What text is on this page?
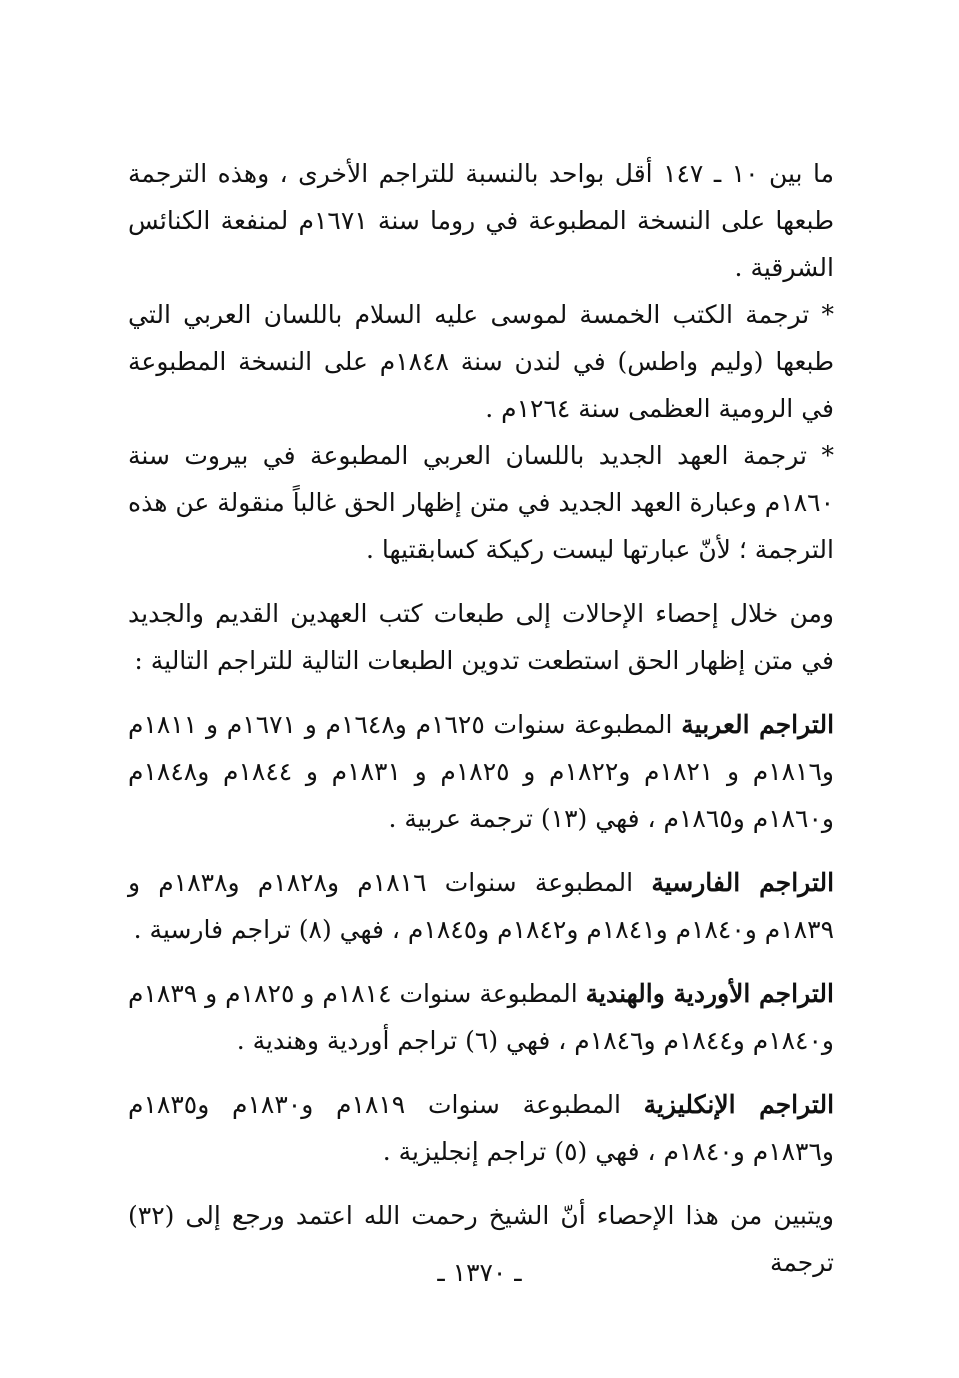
ما بين ١٠ ـ ١٤٧ أقل بواحد بالنسبة للتراجم الأخرى ، وهذه الترجمة طبعها على النسخة المطبوعة في روما سنة ١٦٧١م لمنفعة الكنائس الشرقية .

* ترجمة الكتب الخمسة لموسى عليه السلام باللسان العربي التي طبعها (وليم واطس) في لندن سنة ١٨٤٨م على النسخة المطبوعة في الرومية العظمى سنة ١٢٦٤م .

* ترجمة العهد الجديد باللسان العربي المطبوعة في بيروت سنة ١٨٦٠م وعبارة العهد الجديد في متن إظهار الحق غالباً منقولة عن هذه الترجمة ؛ لأنّ عبارتها ليست ركيكة كسابقتيها .

ومن خلال إحصاء الإحالات إلى طبعات كتب العهدين القديم والجديد في متن إظهار الحق استطعت تدوين الطبعات التالية للتراجم التالية :

التراجم العربية المطبوعة سنوات ١٦٢٥م و١٦٤٨م و ١٦٧١م و ١٨١١م و١٨١٦م و ١٨٢١م و١٨٢٢م و ١٨٢٥م و ١٨٣١م و ١٨٤٤م و١٨٤٨م و١٨٦٠م و١٨٦٥م ، فهي (١٣) ترجمة عربية .

التراجم الفارسية المطبوعة سنوات ١٨١٦م و١٨٢٨م و١٨٣٨م و ١٨٣٩م و١٨٤٠م و١٨٤١م و١٨٤٢م و١٨٤٥م ، فهي (٨) تراجم فارسية .

التراجم الأوردية والهندية المطبوعة سنوات ١٨١٤م و ١٨٢٥م و ١٨٣٩م و١٨٤٠م و١٨٤٤م و١٨٤٦م ، فهي (٦) تراجم أوردية وهندية .

التراجم الإنكليزية المطبوعة سنوات ١٨١٩م و١٨٣٠م و١٨٣٥م و١٨٣٦م و١٨٤٠م ، فهي (٥) تراجم إنجليزية .

ويتبين من هذا الإحصاء أنّ الشيخ رحمت الله اعتمد ورجع إلى (٣٢) ترجمة

ـ ١٣٧٠ ـ
